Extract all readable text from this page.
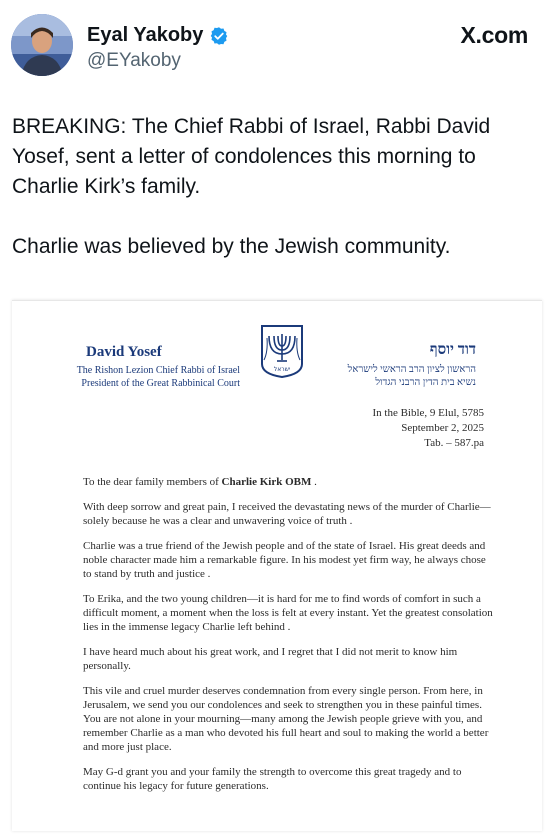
Eyal Yakoby
@EYakoby
X.com

BREAKING: The Chief Rabbi of Israel, Rabbi David Yosef, sent a letter of condolences this morning to Charlie Kirk’s family.

Charlie was believed by the Jewish community.

David Yosef
The Rishon Lezion Chief Rabbi of Israel
President of the Great Rabbinical Court
ישראל
דוד יוסף
הראשון לציון הרב הראשי לישראל
נשיא בית הדין הרבני הגדול
In the Bible, 9 Elul, 5785
September 2, 2025
Tab. – 587.pa

To the dear family members of Charlie Kirk OBM .

With deep sorrow and great pain, I received the devastating news of the murder of Charlie—solely because he was a clear and unwavering voice of truth .

Charlie was a true friend of the Jewish people and of the state of Israel. His great deeds and noble character made him a remarkable figure. In his modest yet firm way, he always chose to stand by truth and justice .

To Erika, and the two young children—it is hard for me to find words of comfort in such a difficult moment, a moment when the loss is felt at every instant. Yet the greatest consolation lies in the immense legacy Charlie left behind .

I have heard much about his great work, and I regret that I did not merit to know him personally.

This vile and cruel murder deserves condemnation from every single person. From here, in Jerusalem, we send you our condolences and seek to strengthen you in these painful times. You are not alone in your mourning—many among the Jewish people grieve with you, and remember Charlie as a man who devoted his full heart and soul to making the world a better and more just place.

May G-d grant you and your family the strength to overcome this great tragedy and to continue his legacy for future generations.
